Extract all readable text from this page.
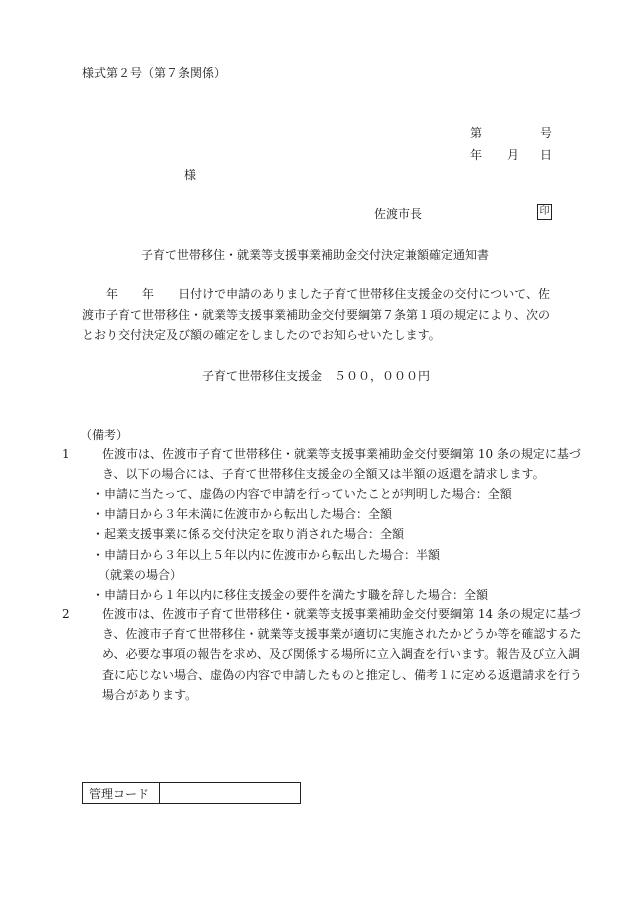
様式第２号（第７条関係）
第	号
年 月 日
様
佐渡市長	印
子育て世帯移住・就業等支援事業補助金交付決定兼額確定通知書
　　年　　年　　日付けで申請のありました子育て世帯移住支援金の交付について、佐渡市子育て世帯移住・就業等支援事業補助金交付要綱第７条第１項の規定により、次のとおり交付決定及び額の確定をしましたのでお知らせいたします。
子育て世帯移住支援金　５００，０００円
（備考）
1	佐渡市は、佐渡市子育て世帯移住・就業等支援事業補助金交付要綱第 10 条の規定に基づき、以下の場合には、子育て世帯移住支援金の全額又は半額の返還を請求します。
・申請に当たって、虚偽の内容で申請を行っていたことが判明した場合：全額
・申請日から３年未満に佐渡市から転出した場合：全額
・起業支援事業に係る交付決定を取り消された場合：全額
・申請日から３年以上５年以内に佐渡市から転出した場合：半額
（就業の場合）
・申請日から１年以内に移住支援金の要件を満たす職を辞した場合：全額
2	佐渡市は、佐渡市子育て世帯移住・就業等支援事業補助金交付要綱第 14 条の規定に基づき、佐渡市子育て世帯移住・就業等支援事業が適切に実施されたかどうか等を確認するため、必要な事項の報告を求め、及び関係する場所に立入調査を行います。報告及び立入調査に応じない場合、虚偽の内容で申請したものと推定し、備考１に定める返還請求を行う場合があります。
管理コード	
